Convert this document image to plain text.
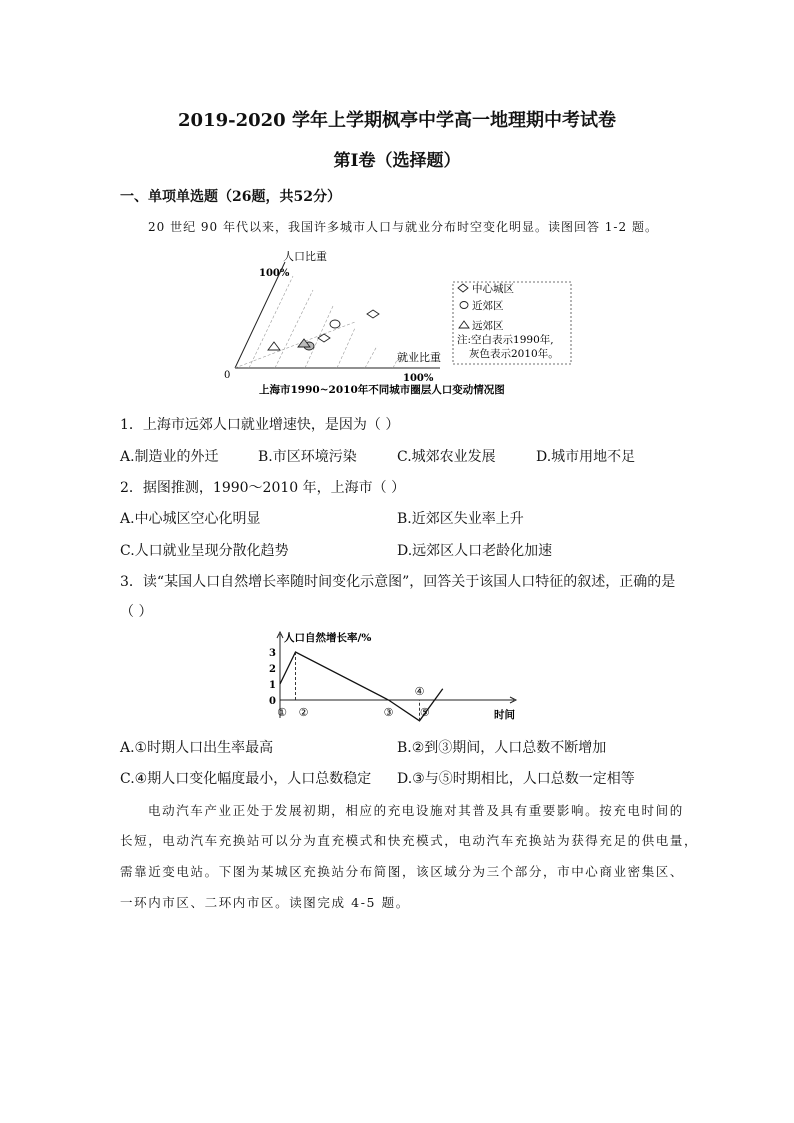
2019-2020 学年上学期枫亭中学高一地理期中考试卷
第Ⅰ卷（选择题）
一、单项单选题（26题，共52分）
20 世纪 90 年代以来，我国许多城市人口与就业分布时空变化明显。读图回答 1-2 题。
人口比重
100%
0
就业比重
100%
上海市1990~2010年不同城市圈层人口变动情况图
中心城区
近郊区
远郊区
注:空白表示1990年,
灰色表示2010年。
1．上海市远郊人口就业增速快，是因为（ ）
A.制造业的外迁	B.市区环境污染	C.城郊农业发展	D.城市用地不足
2．据图推测，1990～2010 年，上海市（ ）
A.中心城区空心化明显	B.近郊区失业率上升
C.人口就业呈现分散化趋势	D.远郊区人口老龄化加速
3．读“某国人口自然增长率随时间变化示意图”，回答关于该国人口特征的叙述，正确的是
（ ）
人口自然增长率/%
时间
3
2
1
0
① ②	③
④
⑤
A.①时期人口出生率最高	B.②到③期间，人口总数不断增加
C.④期人口变化幅度最小，人口总数稳定 D.③与⑤时期相比，人口总数一定相等
电动汽车产业正处于发展初期，相应的充电设施对其普及具有重要影响。按充电时间的
长短，电动汽车充换站可以分为直充模式和快充模式，电动汽车充换站为获得充足的供电量，
需靠近变电站。下图为某城区充换站分布简图，该区域分为三个部分，市中心商业密集区、
一环内市区、二环内市区。读图完成 4-5 题。
